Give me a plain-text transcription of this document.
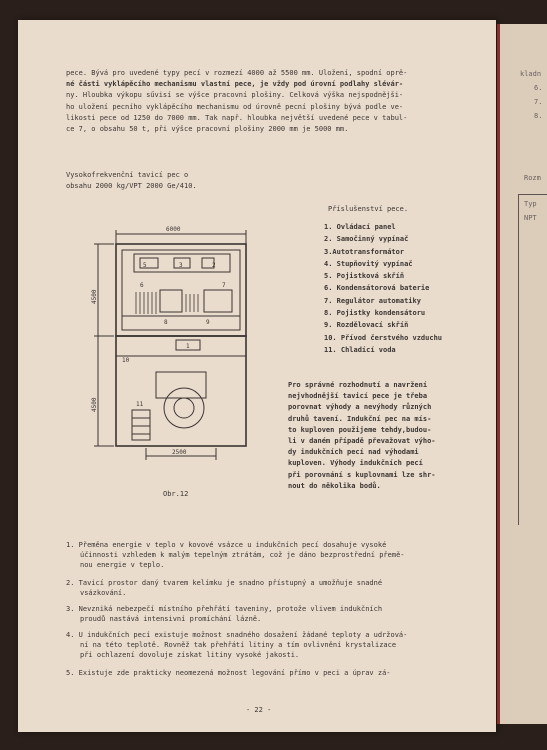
pece. Bývá pro uvedené typy pecí v rozmezí 4000 až 5500 mm. Uložení, spodní oprě-
né části vyklápěcího mechanismu vlastní pece, je vždy pod úrovní podlahy slévár-
ny. Hloubka výkopu sűvisí se výšce pracovní plošiny. Celková výška nejspodnějši-
ho uložení pecního vyklápěcího mechanismu od úrovně pecní plošiny bývá podle ve-
likosti pece od 1250 do 7000 mm. Tak např. hloubka největší uvedené pece v tabul-
ce 7, o obsahu 50 t, při výšce pracovní plošiny 2000 mm je 5000 mm.
Vysokofrekvenční tavicí pec o
obsahu 2000 kg/VPT 2000 Ge/410.
6000
4500
4500
2500
1
2
3
5
6	7
8	9
10
11
Příslušenství pece.
1. Ovládací panel
2. Samočinný vypínač
3.Autotransformátor
4. Stupňovitý vypínač
5. Pojistková skříň
6. Kondensátorová baterie
7. Regulátor automatiky
8. Pojistky kondensátoru
9. Rozdělovací skříň
10. Přívod čerstvého vzduchu
11. Chladící voda
Pro správné rozhodnutí a navržení
nejvhodnější tavicí pece je třeba
porovnat výhody a nevýhody různých
druhů tavení. Indukční pec na mís-
to kuploven použijeme tehdy,budou-
li v daném případě převažovat výho-
dy indukčních pecí nad výhodami
kuploven. Výhody indukčních pecí
při porovnání s kuplovnami lze shr-
nout do několika bodů.
Obr.12
1. Přeměna energie v teplo v kovové vsázce u indukčních pecí dosahuje vysoké
účinnosti vzhledem k malým tepelným ztrátám, což je dáno bezprostřední přemě-
nou energie v teplo.
2. Tavicí prostor daný tvarem kelímku je snadno přístupný a umožňuje snadné
vsázkování.
3. Nevzniká nebezpečí místního přehřátí taveniny, protože vlivem indukčních
proudů nastává intensivní promíchání lázně.
4. U indukčních pecí existuje možnost snadného dosažení žádané teploty a udržová-
ní na této teplotě. Rovněž tak přehřátí litiny a tím ovlivnění krystalizace
při ochlazení dovoluje získat litiny vysoké jakosti.
5. Existuje zde prakticky neomezená možnost legování přímo v peci a úprav zá-
- 22 -
kladn
6.
7.
8.
Rozm
Typ
NPT
